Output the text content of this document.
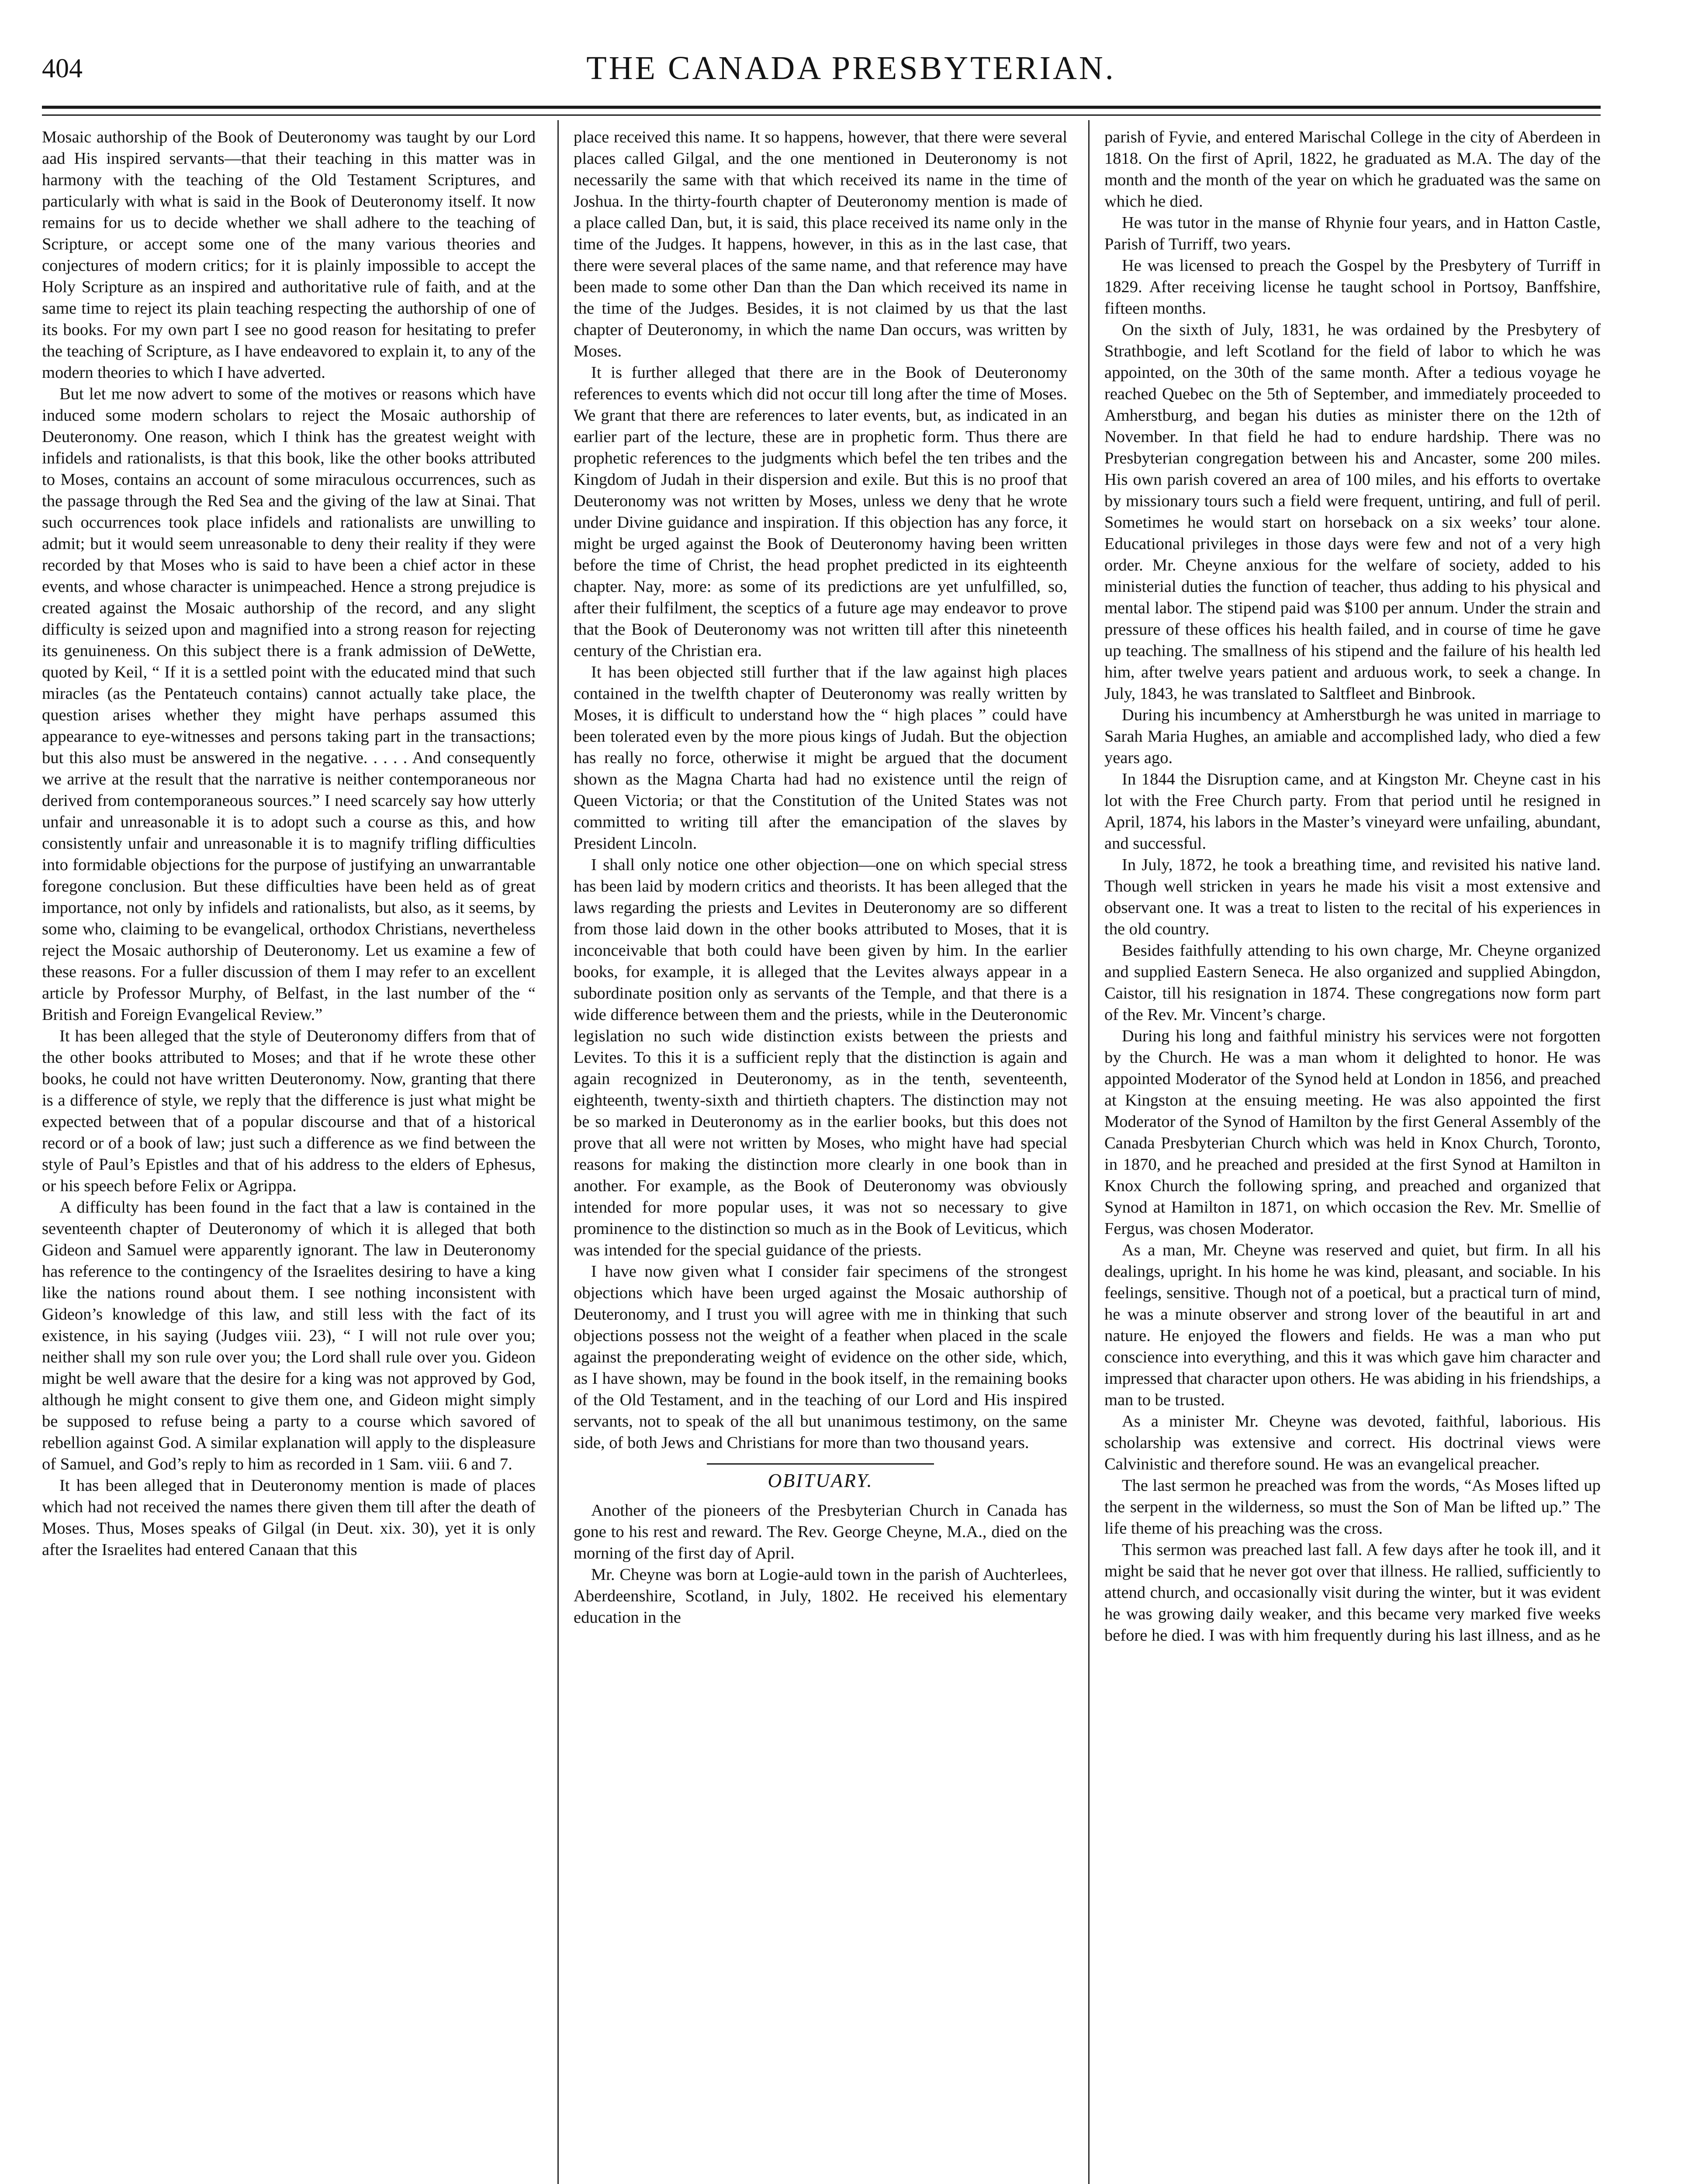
404	THE CANADA PRESBYTERIAN.

Mosaic authorship of the Book of Deuteronomy was taught by our Lord aad His inspired servants—that their teaching in this matter was in harmony with the teaching of the Old Testament Scriptures, and particularly with what is said in the Book of Deuteronomy itself. It now remains for us to decide whether we shall adhere to the teaching of Scripture, or accept some one of the many various theories and conjectures of modern critics; for it is plainly impossible to accept the Holy Scripture as an inspired and authoritative rule of faith, and at the same time to reject its plain teaching respecting the authorship of one of its books. For my own part I see no good reason for hesitating to prefer the teaching of Scripture, as I have endeavored to explain it, to any of the modern theories to which I have adverted.

But let me now advert to some of the motives or reasons which have induced some modern scholars to reject the Mosaic authorship of Deuteronomy. One reason, which I think has the greatest weight with infidels and rationalists, is that this book, like the other books attributed to Moses, contains an account of some miraculous occurrences, such as the passage through the Red Sea and the giving of the law at Sinai. That such occurrences took place infidels and rationalists are unwilling to admit; but it would seem unreasonable to deny their reality if they were recorded by that Moses who is said to have been a chief actor in these events, and whose character is unimpeached. Hence a strong prejudice is created against the Mosaic authorship of the record, and any slight difficulty is seized upon and magnified into a strong reason for rejecting its genuineness. On this subject there is a frank admission of DeWette, quoted by Keil, “ If it is a settled point with the educated mind that such miracles (as the Pentateuch contains) cannot actually take place, the question arises whether they might have perhaps assumed this appearance to eye-witnesses and persons taking part in the transactions; but this also must be answered in the negative. . . . . And consequently we arrive at the result that the narrative is neither contemporaneous nor derived from contemporaneous sources.” I need scarcely say how utterly unfair and unreasonable it is to adopt such a course as this, and how consistently unfair and unreasonable it is to magnify trifling difficulties into formidable objections for the purpose of justifying an unwarrantable foregone conclusion. But these difficulties have been held as of great importance, not only by infidels and rationalists, but also, as it seems, by some who, claiming to be evangelical, orthodox Christians, nevertheless reject the Mosaic authorship of Deuteronomy. Let us examine a few of these reasons. For a fuller discussion of them I may refer to an excellent article by Professor Murphy, of Belfast, in the last number of the “ British and Foreign Evangelical Review.”

It has been alleged that the style of Deuteronomy differs from that of the other books attributed to Moses; and that if he wrote these other books, he could not have written Deuteronomy. Now, granting that there is a difference of style, we reply that the difference is just what might be expected between that of a popular discourse and that of a historical record or of a book of law; just such a difference as we find between the style of Paul’s Epistles and that of his address to the elders of Ephesus, or his speech before Felix or Agrippa.

A difficulty has been found in the fact that a law is contained in the seventeenth chapter of Deuteronomy of which it is alleged that both Gideon and Samuel were apparently ignorant. The law in Deuteronomy has reference to the contingency of the Israelites desiring to have a king like the nations round about them. I see nothing inconsistent with Gideon’s knowledge of this law, and still less with the fact of its existence, in his saying (Judges viii. 23), “ I will not rule over you; neither shall my son rule over you; the Lord shall rule over you. Gideon might be well aware that the desire for a king was not approved by God, although he might consent to give them one, and Gideon might simply be supposed to refuse being a party to a course which savored of rebellion against God. A similar explanation will apply to the displeasure of Samuel, and God’s reply to him as recorded in 1 Sam. viii. 6 and 7.

It has been alleged that in Deuteronomy mention is made of places which had not received the names there given them till after the death of Moses. Thus, Moses speaks of Gilgal (in Deut. xix. 30), yet it is only after the Israelites had entered Canaan that this

place received this name. It so happens, however, that there were several places called Gilgal, and the one mentioned in Deuteronomy is not necessarily the same with that which received its name in the time of Joshua. In the thirty-fourth chapter of Deuteronomy mention is made of a place called Dan, but, it is said, this place received its name only in the time of the Judges. It happens, however, in this as in the last case, that there were several places of the same name, and that reference may have been made to some other Dan than the Dan which received its name in the time of the Judges. Besides, it is not claimed by us that the last chapter of Deuteronomy, in which the name Dan occurs, was written by Moses.

It is further alleged that there are in the Book of Deuteronomy references to events which did not occur till long after the time of Moses. We grant that there are references to later events, but, as indicated in an earlier part of the lecture, these are in prophetic form. Thus there are prophetic references to the judgments which befel the ten tribes and the Kingdom of Judah in their dispersion and exile. But this is no proof that Deuteronomy was not written by Moses, unless we deny that he wrote under Divine guidance and inspiration. If this objection has any force, it might be urged against the Book of Deuteronomy having been written before the time of Christ, the head prophet predicted in its eighteenth chapter. Nay, more: as some of its predictions are yet unfulfilled, so, after their fulfilment, the sceptics of a future age may endeavor to prove that the Book of Deuteronomy was not written till after this nineteenth century of the Christian era.

It has been objected still further that if the law against high places contained in the twelfth chapter of Deuteronomy was really written by Moses, it is difficult to understand how the “ high places ” could have been tolerated even by the more pious kings of Judah. But the objection has really no force, otherwise it might be argued that the document shown as the Magna Charta had had no existence until the reign of Queen Victoria; or that the Constitution of the United States was not committed to writing till after the emancipation of the slaves by President Lincoln.

I shall only notice one other objection—one on which special stress has been laid by modern critics and theorists. It has been alleged that the laws regarding the priests and Levites in Deuteronomy are so different from those laid down in the other books attributed to Moses, that it is inconceivable that both could have been given by him. In the earlier books, for example, it is alleged that the Levites always appear in a subordinate position only as servants of the Temple, and that there is a wide difference between them and the priests, while in the Deuteronomic legislation no such wide distinction exists between the priests and Levites. To this it is a sufficient reply that the distinction is again and again recognized in Deuteronomy, as in the tenth, seventeenth, eighteenth, twenty-sixth and thirtieth chapters. The distinction may not be so marked in Deuteronomy as in the earlier books, but this does not prove that all were not written by Moses, who might have had special reasons for making the distinction more clearly in one book than in another. For example, as the Book of Deuteronomy was obviously intended for more popular uses, it was not so necessary to give prominence to the distinction so much as in the Book of Leviticus, which was intended for the special guidance of the priests.

I have now given what I consider fair specimens of the strongest objections which have been urged against the Mosaic authorship of Deuteronomy, and I trust you will agree with me in thinking that such objections possess not the weight of a feather when placed in the scale against the preponderating weight of evidence on the other side, which, as I have shown, may be found in the book itself, in the remaining books of the Old Testament, and in the teaching of our Lord and His inspired servants, not to speak of the all but unanimous testimony, on the same side, of both Jews and Christians for more than two thousand years.

OBITUARY.

Another of the pioneers of the Presbyterian Church in Canada has gone to his rest and reward. The Rev. George Cheyne, M.A., died on the morning of the first day of April.

Mr. Cheyne was born at Logie-auld town in the parish of Auchterlees, Aberdeenshire, Scotland, in July, 1802. He received his elementary education in the

parish of Fyvie, and entered Marischal College in the city of Aberdeen in 1818. On the first of April, 1822, he graduated as M.A. The day of the month and the month of the year on which he graduated was the same on which he died.

He was tutor in the manse of Rhynie four years, and in Hatton Castle, Parish of Turriff, two years.

He was licensed to preach the Gospel by the Presbytery of Turriff in 1829. After receiving license he taught school in Portsoy, Banffshire, fifteen months.

On the sixth of July, 1831, he was ordained by the Presbytery of Strathbogie, and left Scotland for the field of labor to which he was appointed, on the 30th of the same month. After a tedious voyage he reached Quebec on the 5th of September, and immediately proceeded to Amherstburg, and began his duties as minister there on the 12th of November. In that field he had to endure hardship. There was no Presbyterian congregation between his and Ancaster, some 200 miles. His own parish covered an area of 100 miles, and his efforts to overtake by missionary tours such a field were frequent, untiring, and full of peril. Sometimes he would start on horseback on a six weeks’ tour alone. Educational privileges in those days were few and not of a very high order. Mr. Cheyne anxious for the welfare of society, added to his ministerial duties the function of teacher, thus adding to his physical and mental labor. The stipend paid was $100 per annum. Under the strain and pressure of these offices his health failed, and in course of time he gave up teaching. The smallness of his stipend and the failure of his health led him, after twelve years patient and arduous work, to seek a change. In July, 1843, he was translated to Saltfleet and Binbrook.

During his incumbency at Amherstburgh he was united in marriage to Sarah Maria Hughes, an amiable and accomplished lady, who died a few years ago.

In 1844 the Disruption came, and at Kingston Mr. Cheyne cast in his lot with the Free Church party. From that period until he resigned in April, 1874, his labors in the Master’s vineyard were unfailing, abundant, and successful.

In July, 1872, he took a breathing time, and revisited his native land. Though well stricken in years he made his visit a most extensive and observant one. It was a treat to listen to the recital of his experiences in the old country.

Besides faithfully attending to his own charge, Mr. Cheyne organized and supplied Eastern Seneca. He also organized and supplied Abingdon, Caistor, till his resignation in 1874. These congregations now form part of the Rev. Mr. Vincent’s charge.

During his long and faithful ministry his services were not forgotten by the Church. He was a man whom it delighted to honor. He was appointed Moderator of the Synod held at London in 1856, and preached at Kingston at the ensuing meeting. He was also appointed the first Moderator of the Synod of Hamilton by the first General Assembly of the Canada Presbyterian Church which was held in Knox Church, Toronto, in 1870, and he preached and presided at the first Synod at Hamilton in Knox Church the following spring, and preached and organized that Synod at Hamilton in 1871, on which occasion the Rev. Mr. Smellie of Fergus, was chosen Moderator.

As a man, Mr. Cheyne was reserved and quiet, but firm. In all his dealings, upright. In his home he was kind, pleasant, and sociable. In his feelings, sensitive. Though not of a poetical, but a practical turn of mind, he was a minute observer and strong lover of the beautiful in art and nature. He enjoyed the flowers and fields. He was a man who put conscience into everything, and this it was which gave him character and impressed that character upon others. He was abiding in his friendships, a man to be trusted.

As a minister Mr. Cheyne was devoted, faithful, laborious. His scholarship was extensive and correct. His doctrinal views were Calvinistic and therefore sound. He was an evangelical preacher.

The last sermon he preached was from the words, “As Moses lifted up the serpent in the wilderness, so must the Son of Man be lifted up.” The life theme of his preaching was the cross.

This sermon was preached last fall. A few days after he took ill, and it might be said that he never got over that illness. He rallied, sufficiently to attend church, and occasionally visit during the winter, but it was evident he was growing daily weaker, and this became very marked five weeks before he died. I was with him frequently during his last illness, and as he
